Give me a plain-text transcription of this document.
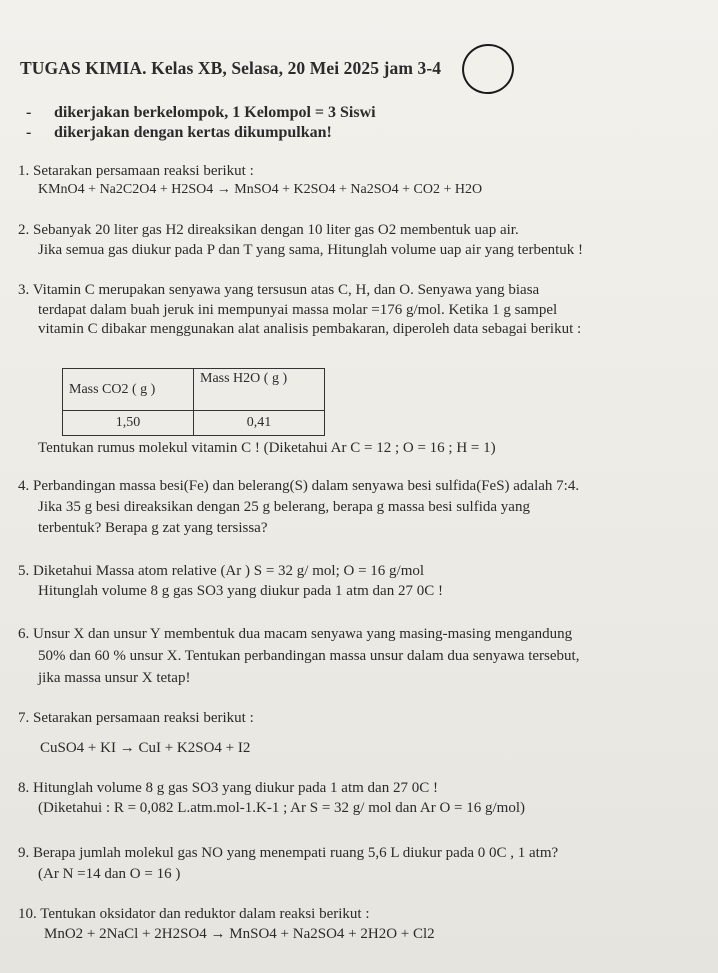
TUGAS KIMIA. Kelas XB, Selasa, 20 Mei 2025 jam 3-4
- dikerjakan berkelompok, 1 Kelompol = 3 Siswi
- dikerjakan dengan kertas dikumpulkan!
1. Setarakan persamaan reaksi berikut :
KMnO4 + Na2C2O4 + H2SO4 → MnSO4 + K2SO4 + Na2SO4 + CO2 + H2O
2. Sebanyak 20 liter gas H2 direaksikan dengan 10 liter gas O2 membentuk uap air.
Jika semua gas diukur pada P dan T yang sama, Hitunglah volume uap air yang terbentuk !
3. Vitamin C merupakan senyawa yang tersusun atas C, H, dan O. Senyawa yang biasa
terdapat dalam buah jeruk ini mempunyai massa molar =176 g/mol. Ketika 1 g sampel
vitamin C dibakar menggunakan alat analisis pembakaran, diperoleh data sebagai berikut :
Mass CO2 ( g )	Mass H2O ( g )
1,50	0,41
Tentukan rumus molekul vitamin C ! (Diketahui Ar C = 12 ; O = 16 ; H = 1)
4. Perbandingan massa besi(Fe) dan belerang(S) dalam senyawa besi sulfida(FeS) adalah 7:4.
Jika 35 g besi direaksikan dengan 25 g belerang, berapa g massa besi sulfida yang
terbentuk? Berapa g zat yang tersissa?
5. Diketahui Massa atom relative (Ar ) S = 32 g/ mol; O = 16 g/mol
Hitunglah volume 8 g gas SO3 yang diukur pada 1 atm dan 27 0C !
6. Unsur X dan unsur Y membentuk dua macam senyawa yang masing-masing mengandung
50% dan 60 % unsur X. Tentukan perbandingan massa unsur dalam dua senyawa tersebut,
jika massa unsur X tetap!
7. Setarakan persamaan reaksi berikut :
CuSO4 + KI → CuI + K2SO4 + I2
8. Hitunglah volume 8 g gas SO3 yang diukur pada 1 atm dan 27 0C !
(Diketahui : R = 0,082 L.atm.mol-1.K-1 ; Ar S = 32 g/ mol dan Ar O = 16 g/mol)
9. Berapa jumlah molekul gas NO yang menempati ruang 5,6 L diukur pada 0 0C , 1 atm?
(Ar N =14 dan O = 16 )
10. Tentukan oksidator dan reduktor dalam reaksi berikut :
MnO2 + 2NaCl + 2H2SO4 → MnSO4 + Na2SO4 + 2H2O + Cl2
